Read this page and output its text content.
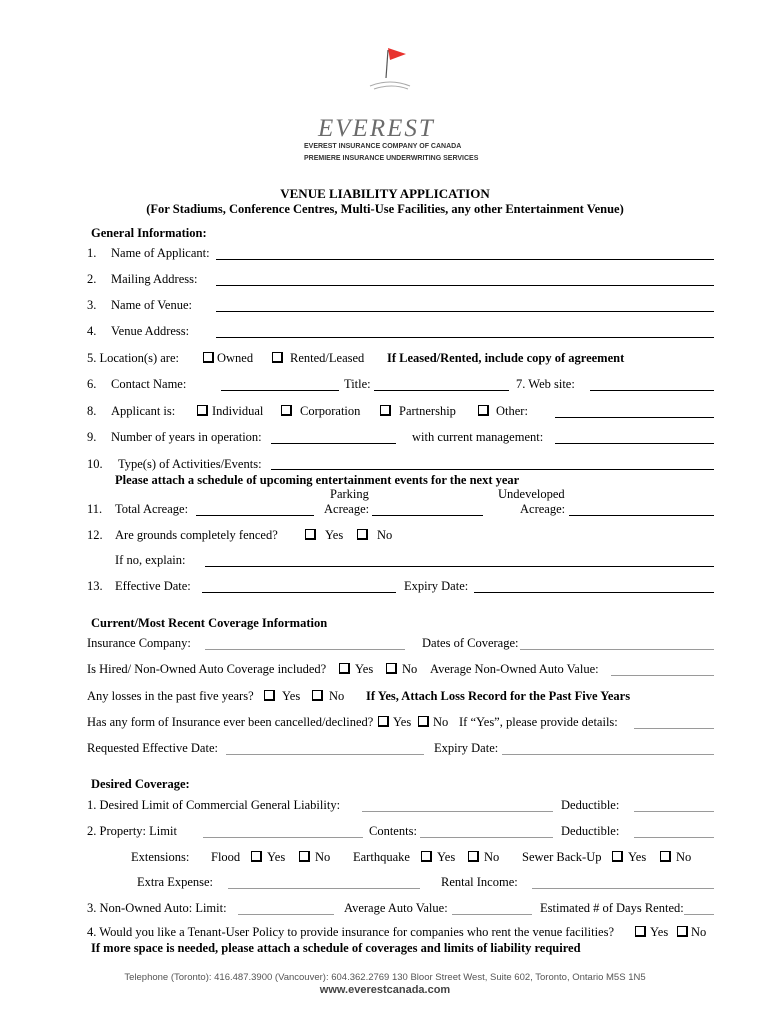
EVEREST
EVEREST INSURANCE COMPANY OF CANADA
PREMIERE INSURANCE UNDERWRITING SERVICES
VENUE LIABILITY APPLICATION
(For Stadiums, Conference Centres, Multi-Use Facilities, any other Entertainment Venue)
General Information:
1. Name of Applicant:
2. Mailing Address:
3. Name of Venue:
4. Venue Address:
5. Location(s) are:	Owned	Rented/Leased If Leased/Rented, include copy of agreement
6. Contact Name:	Title:	7. Web site:
8. Applicant is:	Individual	Corporation	Partnership	Other:
9. Number of years in operation:	with current management:
10. Type(s) of Activities/Events:
Please attach a schedule of upcoming entertainment events for the next year
Parking	Undeveloped
11. Total Acreage:	Acreage:	Acreage:
12. Are grounds completely fenced?	Yes	No
If no, explain:
13. Effective Date:	Expiry Date:
Current/Most Recent Coverage Information
Insurance Company:	Dates of Coverage:
Is Hired/ Non-Owned Auto Coverage included? Yes No Average Non-Owned Auto Value:
Any losses in the past five years? Yes No If Yes, Attach Loss Record for the Past Five Years
Has any form of Insurance ever been cancelled/declined? Yes No If “Yes”, please provide details:
Requested Effective Date:	Expiry Date:
Desired Coverage:
1. Desired Limit of Commercial General Liability:	Deductible:
2. Property: Limit	Contents:	Deductible:
Extensions: Flood Yes No Earthquake Yes No Sewer Back-Up Yes No
Extra Expense:	Rental Income:
3. Non-Owned Auto: Limit:	Average Auto Value:	Estimated # of Days Rented:
4. Would you like a Tenant-User Policy to provide insurance for companies who rent the venue facilities?	Yes No
If more space is needed, please attach a schedule of coverages and limits of liability required
Telephone (Toronto): 416.487.3900 (Vancouver): 604.362.2769 130 Bloor Street West, Suite 602, Toronto, Ontario M5S 1N5
www.everestcanada.com
